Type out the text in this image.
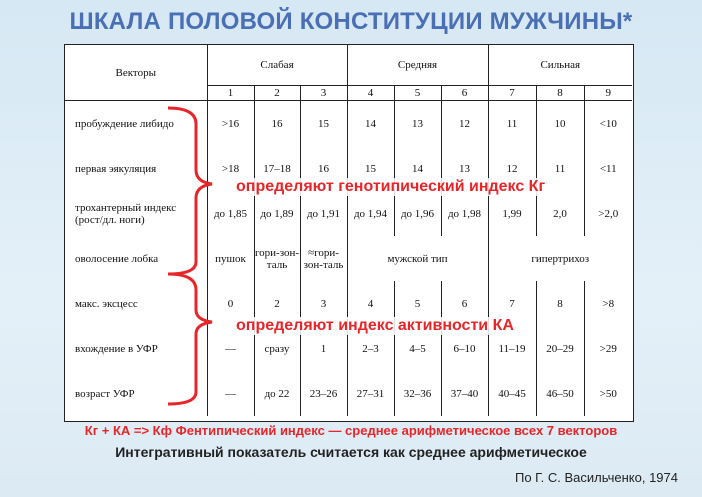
ШКАЛА ПОЛОВОЙ КОНСТИТУЦИИ МУЖЧИНЫ*
Векторы	Слабая			Средняя			Сильная		
	1	2	3	4	5	6	7	8	9
пробуждение либидо	>16	16	15	14	13	12	11	10	<10
первая эякуляция	>18	17–18	16	15	14	13	12	11	<11
трохантерный индекс (рост/дл. ноги)	до 1,85	до 1,89	до 1,91	до 1,94	до 1,96	до 1,98	1,99	2,0	>2,0
оволосение лобка	пушок	гори-зон-таль	≈гори-зон-таль	мужской тип			гипертрихоз		
макс. эксцесс	0	2	3	4	5	6	7	8	>8
вхождение в УФР	—	сразу	1	2–3	4–5	6–10	11–19	20–29	>29
возраст УФР	—	до 22	23–26	27–31	32–36	37–40	40–45	46–50	>50
определяют генотипический индекс Кг
определяют индекс активности КА
Кг + КА => Кф Фентипический индекс — среднее арифметическое всех 7 векторов
Интегративный показатель считается как среднее арифметическое
По Г. С. Васильченко, 1974
